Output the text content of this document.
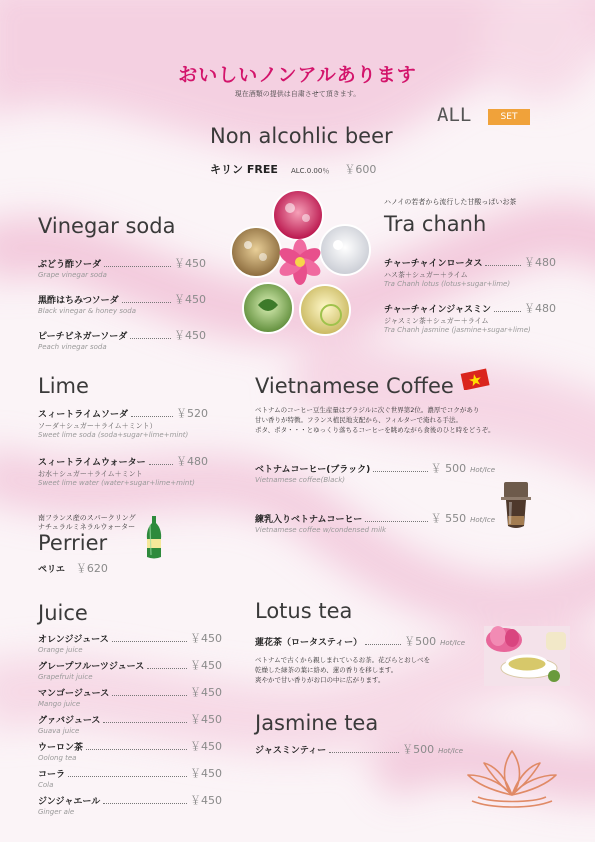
おいしいノンアルあります
現在酒類の提供は自粛させて頂きます。
ALL	SET
Non alcohlic beer
キリン FREE ALC.0.00％ ￥600
Vinegar soda
ぶどう酢ソーダ	￥450
Grape vinegar soda
黒酢はちみつソーダ	￥450
Black vinegar & honey soda
ピーチビネガーソーダ	￥450
Peach vinegar soda
ハノイの若者から流行した甘酸っぱいお茶
Tra chanh
チャーチャインロータス	￥480
ハス茶＋シュガー＋ライム
Tra Chanh lotus (lotus+sugar+lime)
チャーチャインジャスミン	￥480
ジャスミン茶＋シュガー＋ライム
Tra Chanh jasmine (jasmine+sugar+lime)
Lime
スィートライムソーダ	￥520
ソーダ＋シュガー＋ライム＋ミント）
Sweet lime soda (soda+sugar+lime+mint)
スィートライムウォーター	￥480
お水＋シュガー＋ライム＋ミント
Sweet lime water (water+sugar+lime+mint)
Vietnamese Coffee
ベトナムのコーヒー豆生産量はブラジルに次ぐ世界第2位。濃厚でコクがあり
甘い香りが特徴。フランス植民地支配から、フィルターで淹れる手法。
ポタ、ポタ・・・とゆっくり落ちるコーヒーを眺めながら食後のひと時をどうぞ。
ベトナムコーヒー(ブラック)	￥ 500 Hot/Ice
Vietnamese coffee(Black)
練乳入りベトナムコーヒー	￥ 550 Hot/Ice
Vietnamese coffee w/condensed milk
南フランス産のスパークリング
ナチュラルミネラルウォーター
Perrier
ペリエ ￥620
Juice
オレンジジュース	￥450
Orange juice
グレープフルーツジュース	￥450
Grapefruit juice
マンゴージュース	￥450
Mango juice
グァバジュース	￥450
Guava juice
ウーロン茶	￥450
Oolong tea
コーラ	￥450
Cola
ジンジャエール	￥450
Ginger ale
Lotus tea
蓮花茶（ロータスティー）	￥500 Hot/Ice
ベトナムで古くから親しまれているお茶。花びらとおしべを
乾燥した緑茶の葉に絡め、蓮の香りを移します。
爽やかで甘い香りがお口の中に広がります。
Jasmine tea
ジャスミンティー	￥500 Hot/Ice
